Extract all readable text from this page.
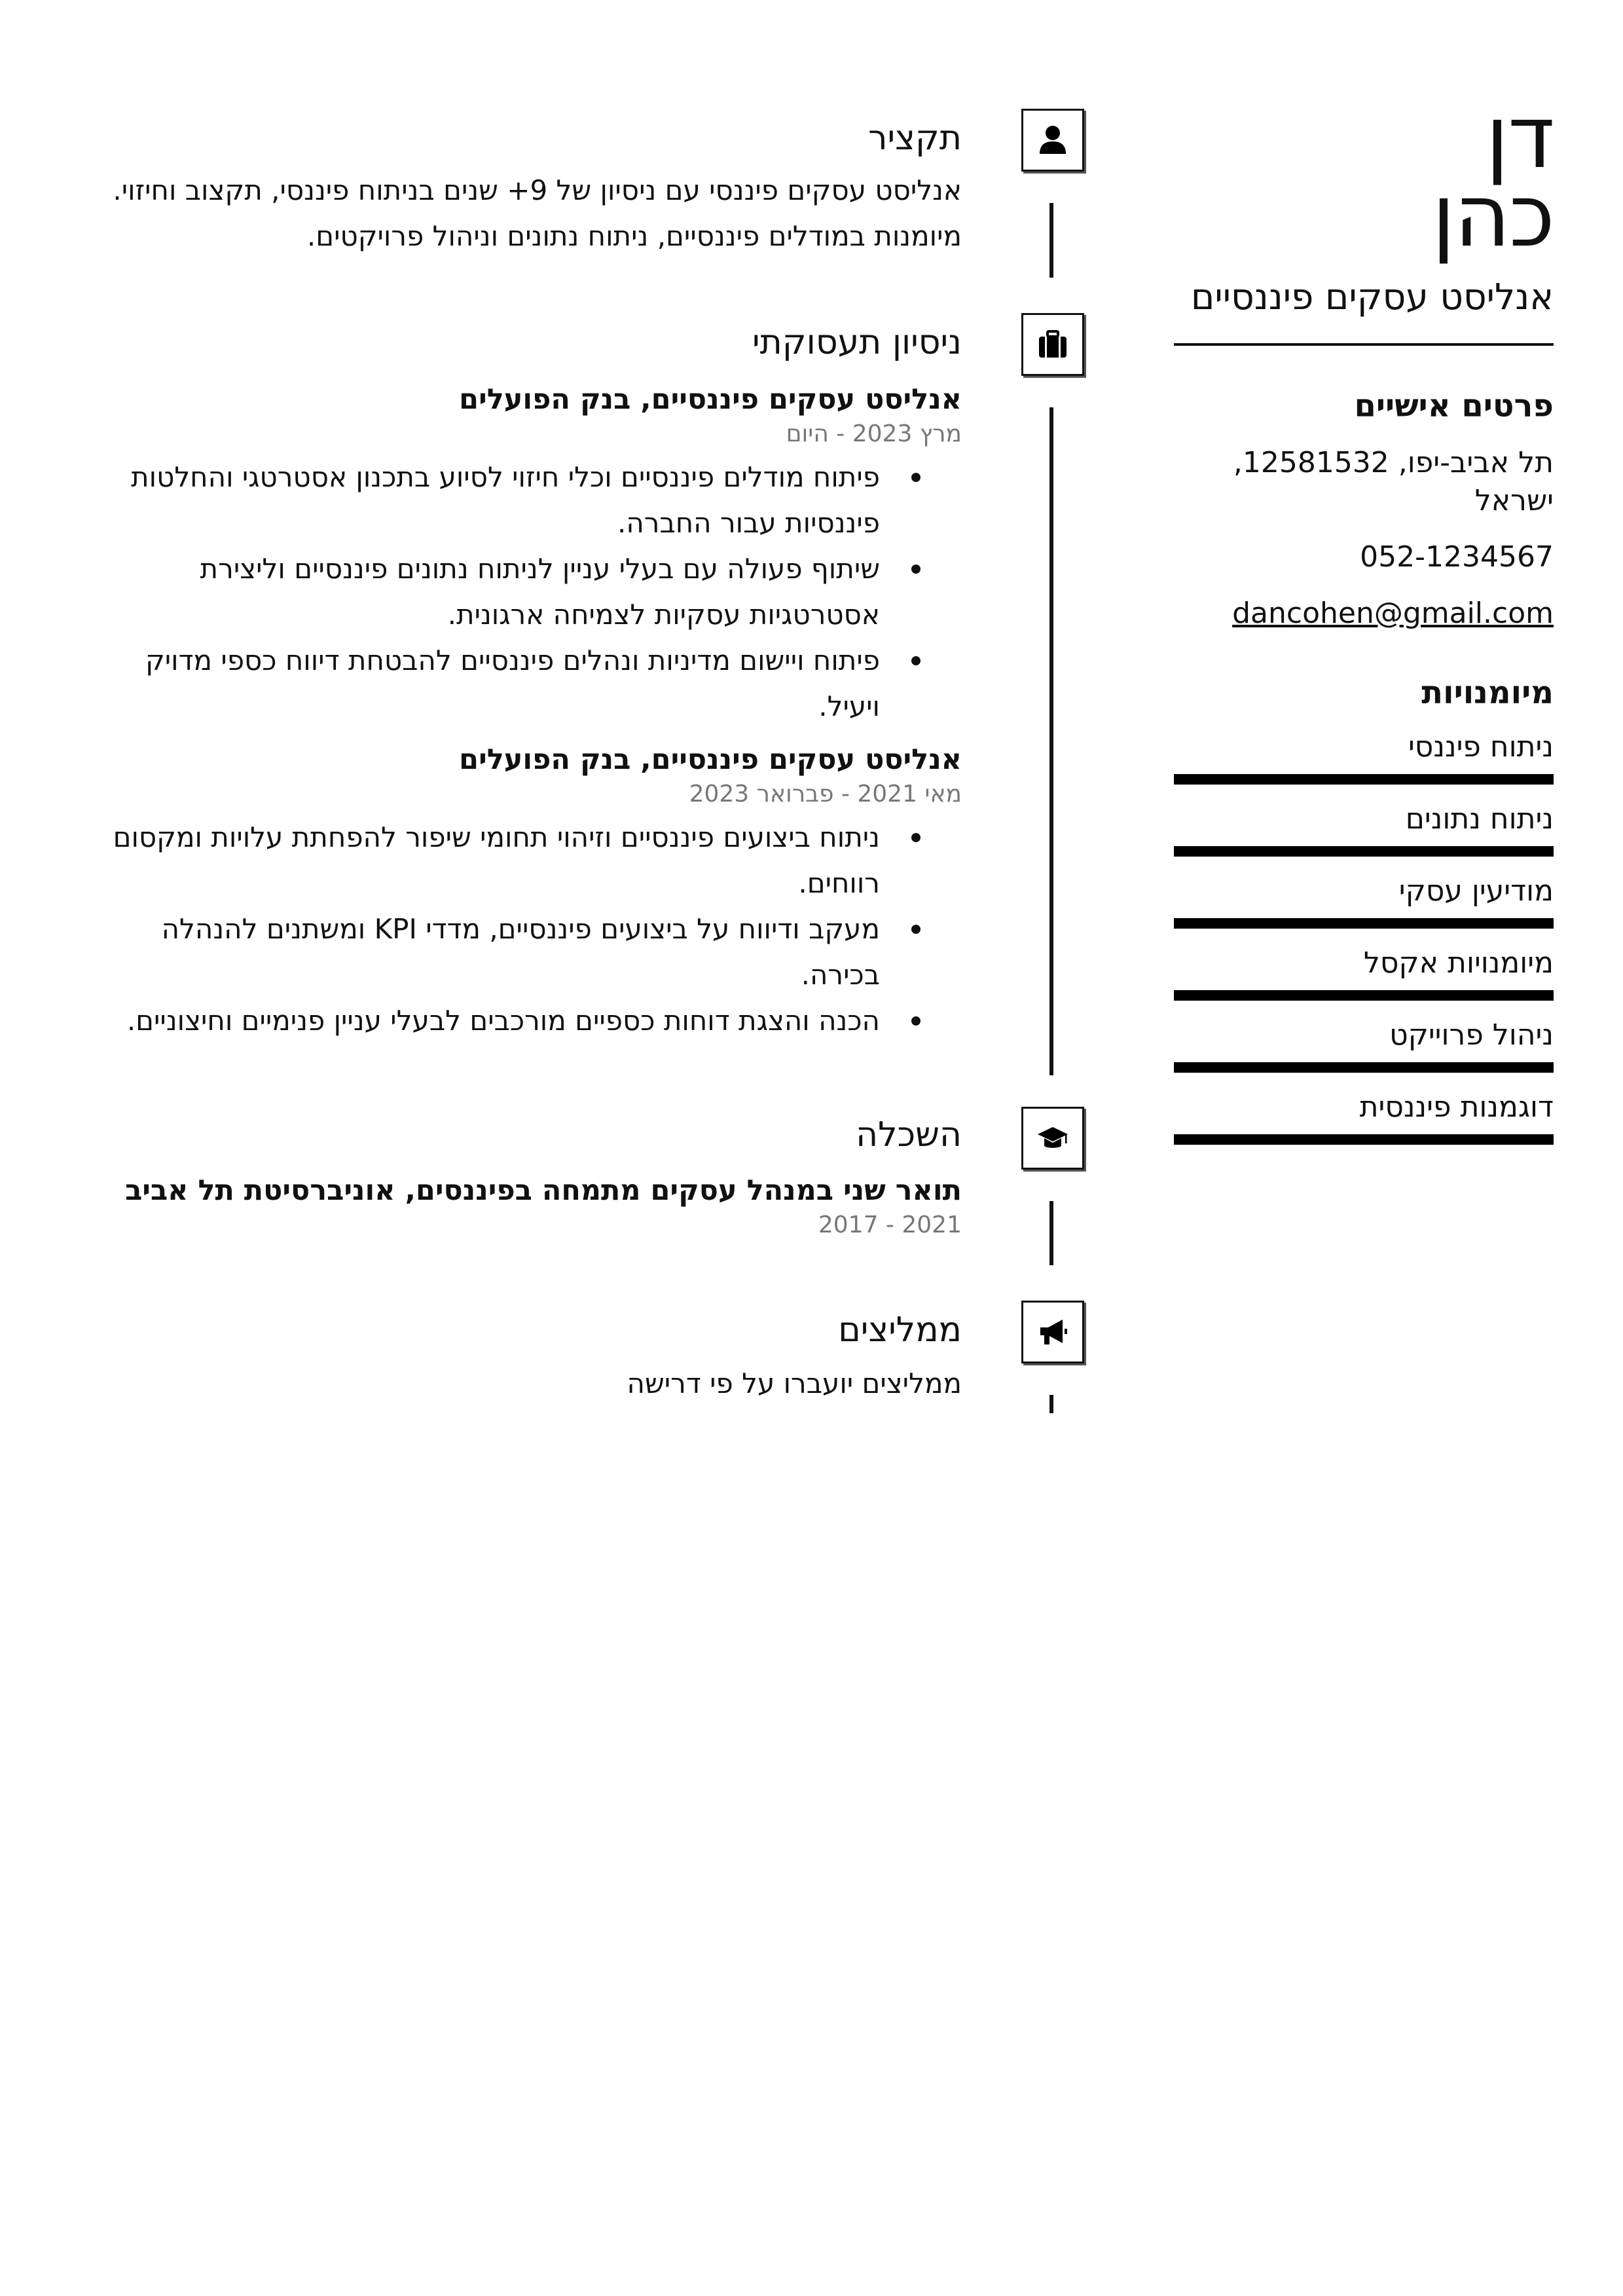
דן
כהן
אנליסט עסקים פיננסיים
פרטים אישיים
תל אביב-יפו, 12581532, ישראל
052-1234567
dancohen@gmail.com
מיומנויות
ניתוח פיננסי
ניתוח נתונים
מודיעין עסקי
מיומנויות אקסל
ניהול פרוייקט
דוגמנות פיננסית
תקציר
אנליסט עסקים פיננסי עם ניסיון של 9+ שנים בניתוח פיננסי, תקצוב וחיזוי. מיומנות במודלים פיננסיים, ניתוח נתונים וניהול פרויקטים.
ניסיון תעסוקתי
אנליסט עסקים פיננסיים, בנק הפועלים
מרץ 2023 - היום
פיתוח מודלים פיננסיים וכלי חיזוי לסיוע בתכנון אסטרטגי והחלטות פיננסיות עבור החברה.
שיתוף פעולה עם בעלי עניין לניתוח נתונים פיננסיים וליצירת אסטרטגיות עסקיות לצמיחה ארגונית.
פיתוח ויישום מדיניות ונהלים פיננסיים להבטחת דיווח כספי מדויק ויעיל.
אנליסט עסקים פיננסיים, בנק הפועלים
מאי 2021 - פברואר 2023
ניתוח ביצועים פיננסיים וזיהוי תחומי שיפור להפחתת עלויות ומקסום רווחים.
מעקב ודיווח על ביצועים פיננסיים, מדדי KPI ומשתנים להנהלה בכירה.
הכנה והצגת דוחות כספיים מורכבים לבעלי עניין פנימיים וחיצוניים.
השכלה
תואר שני במנהל עסקים מתמחה בפיננסים, אוניברסיטת תל אביב
2017 - 2021
ממליצים
ממליצים יועברו על פי דרישה
